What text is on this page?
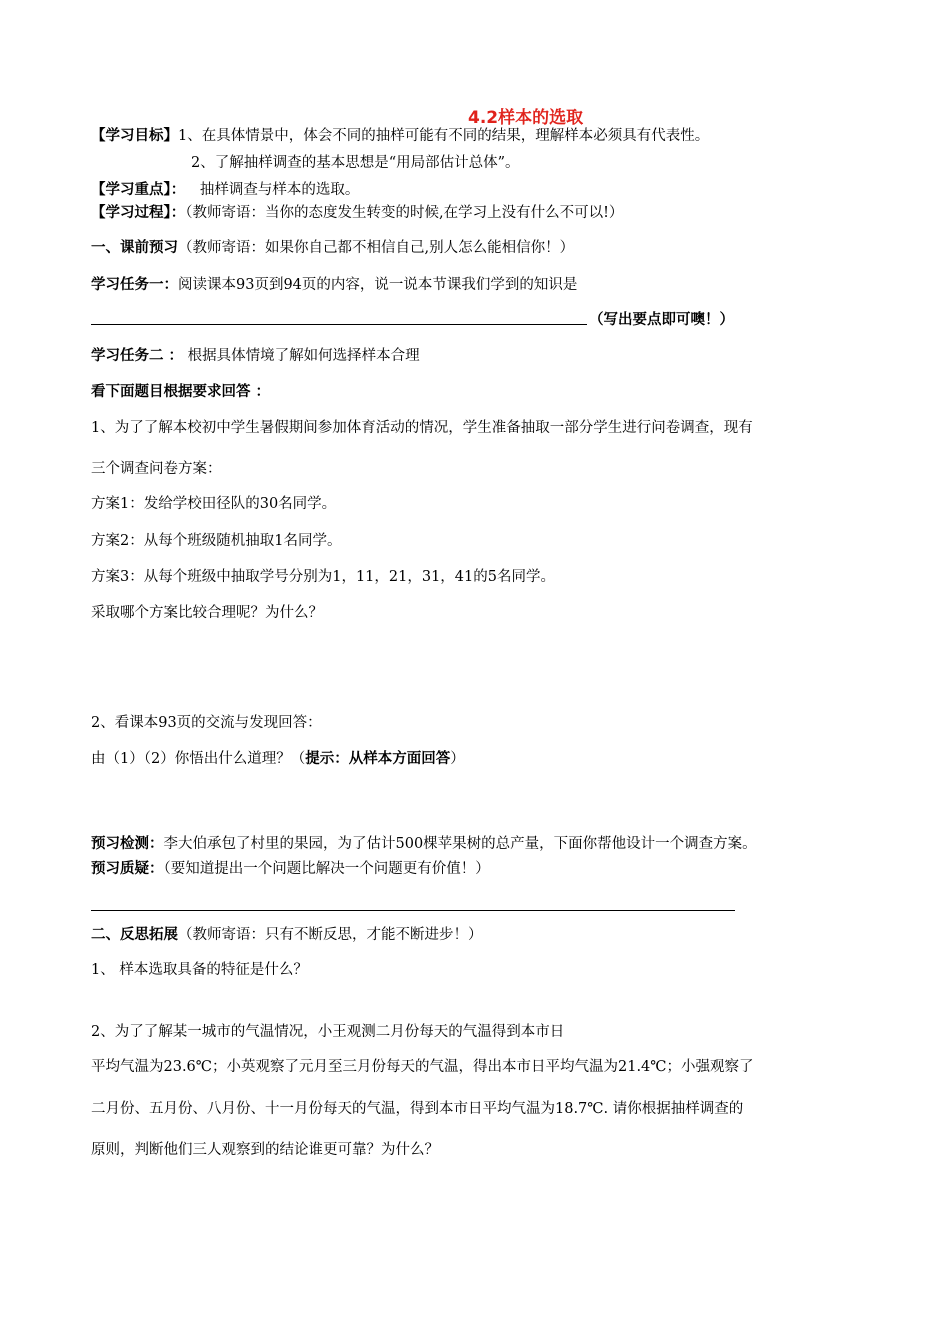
4.2样本的选取
【学习目标】1、在具体情景中，体会不同的抽样可能有不同的结果，理解样本必须具有代表性。
2、了解抽样调查的基本思想是“用局部估计总体”。
【学习重点】： 抽样调查与样本的选取。
【学习过程】：（教师寄语：当你的态度发生转变的时候,在学习上没有什么不可以!）
一、课前预习（教师寄语：如果你自己都不相信自己,别人怎么能相信你！）
学习任务一：阅读课本93页到94页的内容，说一说本节课我们学到的知识是
（写出要点即可噢！）
学习任务二 ： 根据具体情境了解如何选择样本合理
看下面题目根据要求回答 ：
1、为了了解本校初中学生暑假期间参加体育活动的情况，学生准备抽取一部分学生进行问卷调查，现有
三个调查问卷方案：
方案1：发给学校田径队的30名同学。
方案2：从每个班级随机抽取1名同学。
方案3：从每个班级中抽取学号分别为1，11，21，31，41的5名同学。
采取哪个方案比较合理呢？为什么？
2、看课本93页的交流与发现回答：
由（1）（2）你悟出什么道理？（提示：从样本方面回答）
预习检测：李大伯承包了村里的果园，为了估计500棵苹果树的总产量，下面你帮他设计一个调查方案。
预习质疑：（要知道提出一个问题比解决一个问题更有价值！）
二、反思拓展（教师寄语：只有不断反思，才能不断进步！）
1、 样本选取具备的特征是什么？
2、为了了解某一城市的气温情况，小王观测二月份每天的气温得到本市日
平均气温为23.6℃；小英观察了元月至三月份每天的气温，得出本市日平均气温为21.4℃；小强观察了
二月份、五月份、八月份、十一月份每天的气温，得到本市日平均气温为18.7℃. 请你根据抽样调查的
原则，判断他们三人观察到的结论谁更可靠？为什么？
